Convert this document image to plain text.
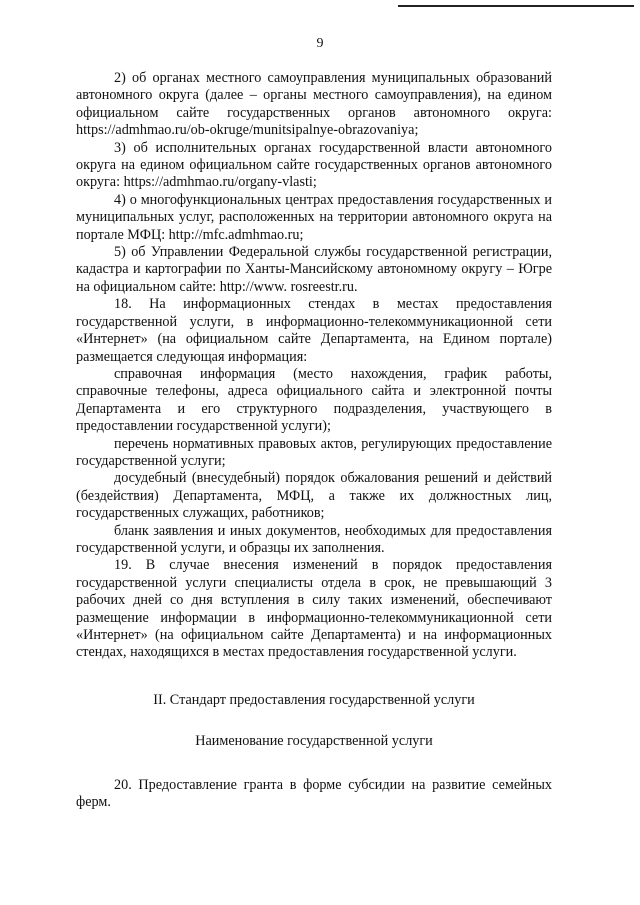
9

2) об органах местного самоуправления муниципальных образований автономного округа (далее – органы местного самоуправления), на едином официальном сайте государственных органов автономного округа: https://admhmao.ru/ob-okruge/munitsipalnye-obrazovaniya;

3) об исполнительных органах государственной власти автономного округа на едином официальном сайте государственных органов автономного округа: https://admhmao.ru/organy-vlasti;

4) о многофункциональных центрах предоставления государственных и муниципальных услуг, расположенных на территории автономного округа на портале МФЦ: http://mfc.admhmao.ru;

5) об Управлении Федеральной службы государственной регистрации, кадастра и картографии по Ханты-Мансийскому автономному округу – Югре на официальном сайте: http://www. rosreestr.ru.

18. На информационных стендах в местах предоставления государственной услуги, в информационно-телекоммуникационной сети «Интернет» (на официальном сайте Департамента, на Едином портале) размещается следующая информация:

справочная информация (место нахождения, график работы, справочные телефоны, адреса официального сайта и электронной почты Департамента и его структурного подразделения, участвующего в предоставлении государственной услуги);

перечень нормативных правовых актов, регулирующих предоставление государственной услуги;

досудебный (внесудебный) порядок обжалования решений и действий (бездействия) Департамента, МФЦ, а также их должностных лиц, государственных служащих, работников;

бланк заявления и иных документов, необходимых для предоставления государственной услуги, и образцы их заполнения.

19. В случае внесения изменений в порядок предоставления государственной услуги специалисты отдела в срок, не превышающий 3 рабочих дней со дня вступления в силу таких изменений, обеспечивают размещение информации в информационно-телекоммуникационной сети «Интернет» (на официальном сайте Департамента) и на информационных стендах, находящихся в местах предоставления государственной услуги.

II. Стандарт предоставления государственной услуги

Наименование государственной услуги

20. Предоставление гранта в форме субсидии на развитие семейных ферм.
